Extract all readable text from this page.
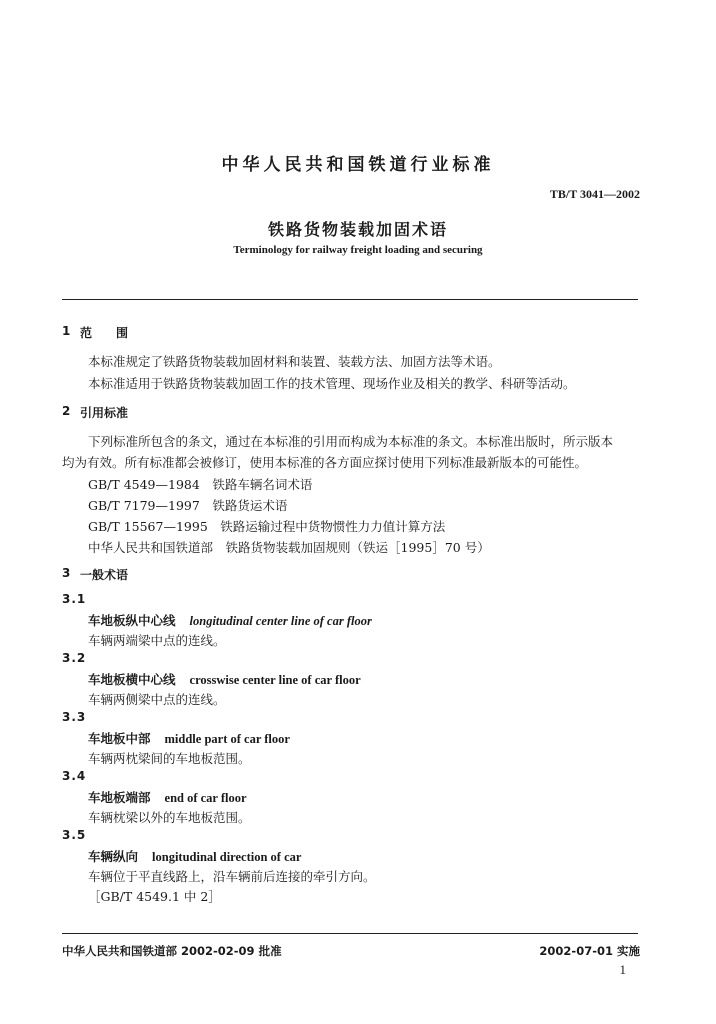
中华人民共和国铁道行业标准
TB/T 3041—2002
铁路货物装载加固术语
Terminology for railway freight loading and securing
1 范　　围
本标准规定了铁路货物装载加固材料和装置、装载方法、加固方法等术语。
本标准适用于铁路货物装载加固工作的技术管理、现场作业及相关的教学、科研等活动。
2 引用标准
下列标准所包含的条文，通过在本标准的引用而构成为本标准的条文。本标准出版时，所示版本
均为有效。所有标准都会被修订，使用本标准的各方面应探讨使用下列标准最新版本的可能性。
GB/T 4549—1984　铁路车辆名词术语
GB/T 7179—1997　铁路货运术语
GB/T 15567—1995　铁路运输过程中货物惯性力力值计算方法
中华人民共和国铁道部　铁路货物装载加固规则（铁运［1995］70 号）
3 一般术语
3.1
车地板纵中心线 longitudinal center line of car floor
车辆两端梁中点的连线。
3.2
车地板横中心线 crosswise center line of car floor
车辆两侧梁中点的连线。
3.3
车地板中部 middle part of car floor
车辆两枕梁间的车地板范围。
3.4
车地板端部 end of car floor
车辆枕梁以外的车地板范围。
3.5
车辆纵向 longitudinal direction of car
车辆位于平直线路上，沿车辆前后连接的牵引方向。
［GB/T 4549.1 中 2］
中华人民共和国铁道部 2002-02-09 批准	2002-07-01 实施
1
